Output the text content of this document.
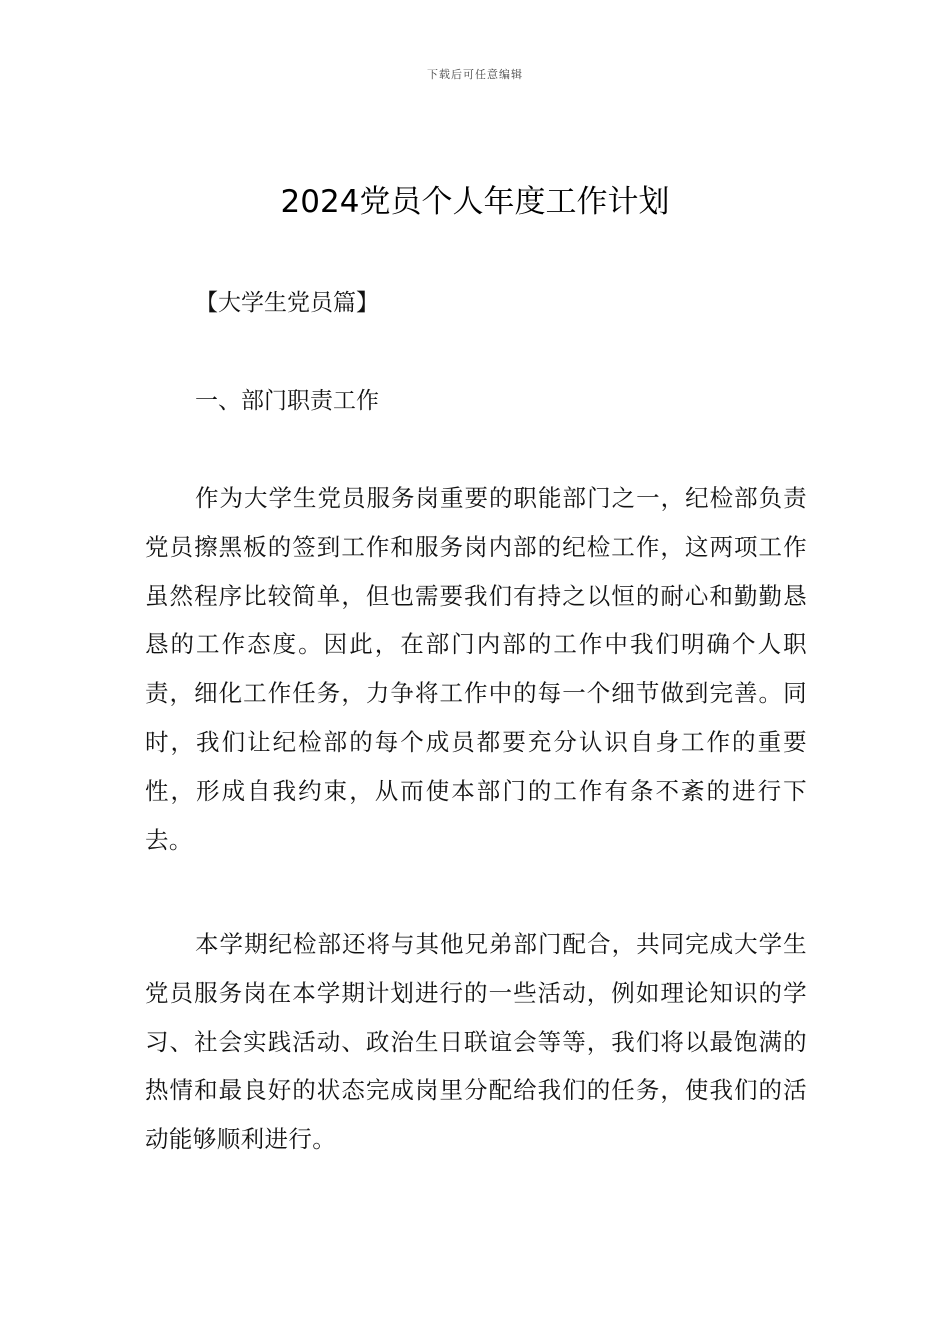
下载后可任意编辑
2024党员个人年度工作计划

【大学生党员篇】

一、部门职责工作

作为大学生党员服务岗重要的职能部门之一，纪检部负责党员擦黑板的签到工作和服务岗内部的纪检工作，这两项工作虽然程序比较简单，但也需要我们有持之以恒的耐心和勤勤恳恳的工作态度。因此，在部门内部的工作中我们明确个人职责，细化工作任务，力争将工作中的每一个细节做到完善。同时，我们让纪检部的每个成员都要充分认识自身工作的重要性，形成自我约束，从而使本部门的工作有条不紊的进行下去。

本学期纪检部还将与其他兄弟部门配合，共同完成大学生党员服务岗在本学期计划进行的一些活动，例如理论知识的学习、社会实践活动、政治生日联谊会等等，我们将以最饱满的热情和最良好的状态完成岗里分配给我们的任务，使我们的活动能够顺利进行。
